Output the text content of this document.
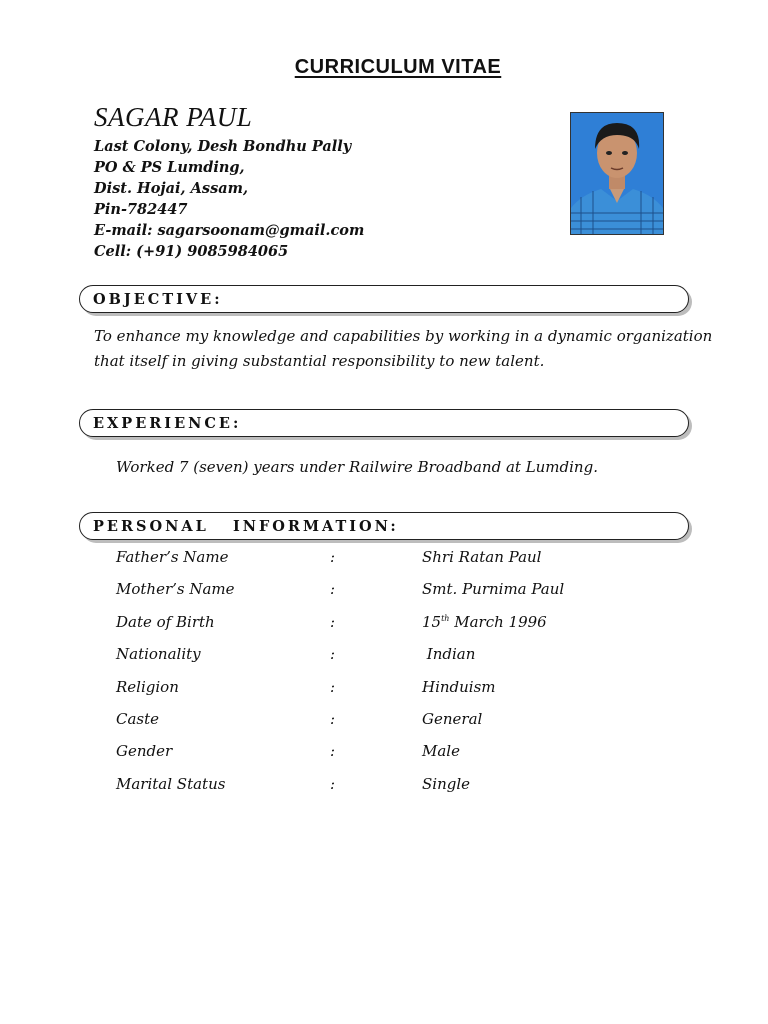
CURRICULUM VITAE
SAGAR PAUL
Last Colony, Desh Bondhu Pally
PO & PS Lumding,
Dist. Hojai, Assam,
Pin-782447
E-mail: sagarsoonam@gmail.com
Cell: (+91) 9085984065
OBJECTIVE:
To enhance my knowledge and capabilities by working in a dynamic organization that itself in giving substantial responsibility to new talent.
EXPERIENCE:
Worked 7 (seven) years under Railwire Broadband at Lumding.
PERSONAL   INFORMATION:
Father’s Name	:	Shri Ratan Paul
Mother’s Name	:	Smt. Purnima Paul
Date of Birth	:	15th March 1996
Nationality	:	Indian
Religion	:	Hinduism
Caste	:	General
Gender	:	Male
Marital Status	:	Single
